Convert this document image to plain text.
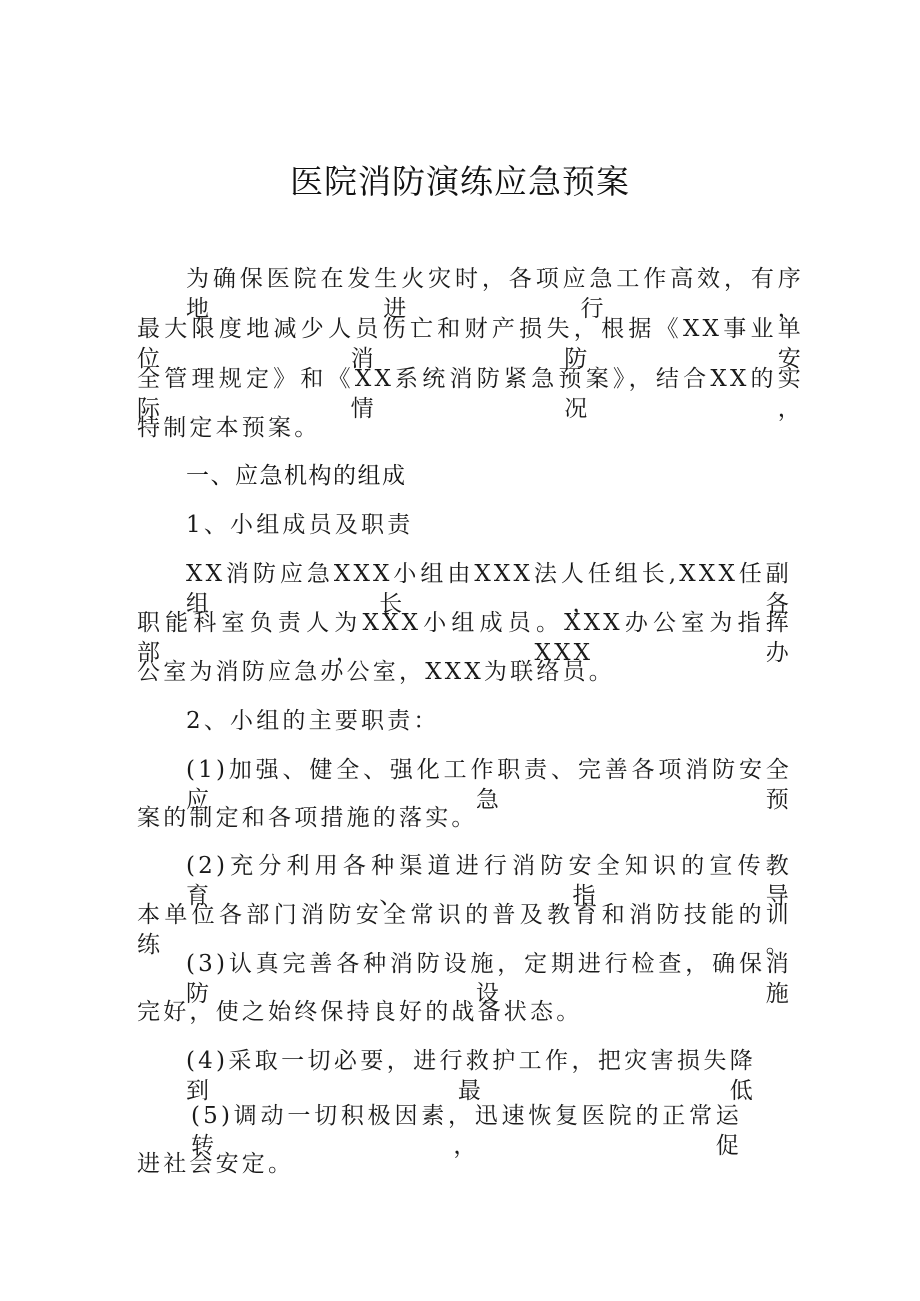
医院消防演练应急预案
为确保医院在发生火灾时，各项应急工作高效，有序地进行，
最大限度地减少人员伤亡和财产损失，根据《XX事业单位消防安
全管理规定》和《XX系统消防紧急预案》，结合XX的实际情况，
特制定本预案。
一、应急机构的组成
1、小组成员及职责
XX消防应急XXX小组由XXX法人任组长,XXX任副组长，各
职能科室负责人为XXX小组成员。XXX办公室为指挥部，XXX办
公室为消防应急办公室，XXX为联络员。
2、小组的主要职责：
(1)加强、健全、强化工作职责、完善各项消防安全应急预
案的制定和各项措施的落实。
(2)充分利用各种渠道进行消防安全知识的宣传教育、指导
本单位各部门消防安全常识的普及教育和消防技能的训练。
(3)认真完善各种消防设施，定期进行检查，确保消防设施
完好，使之始终保持良好的战备状态。
(4)采取一切必要，进行救护工作，把灾害损失降到最低
(5)调动一切积极因素，迅速恢复医院的正常运转，促
进社会安定。
